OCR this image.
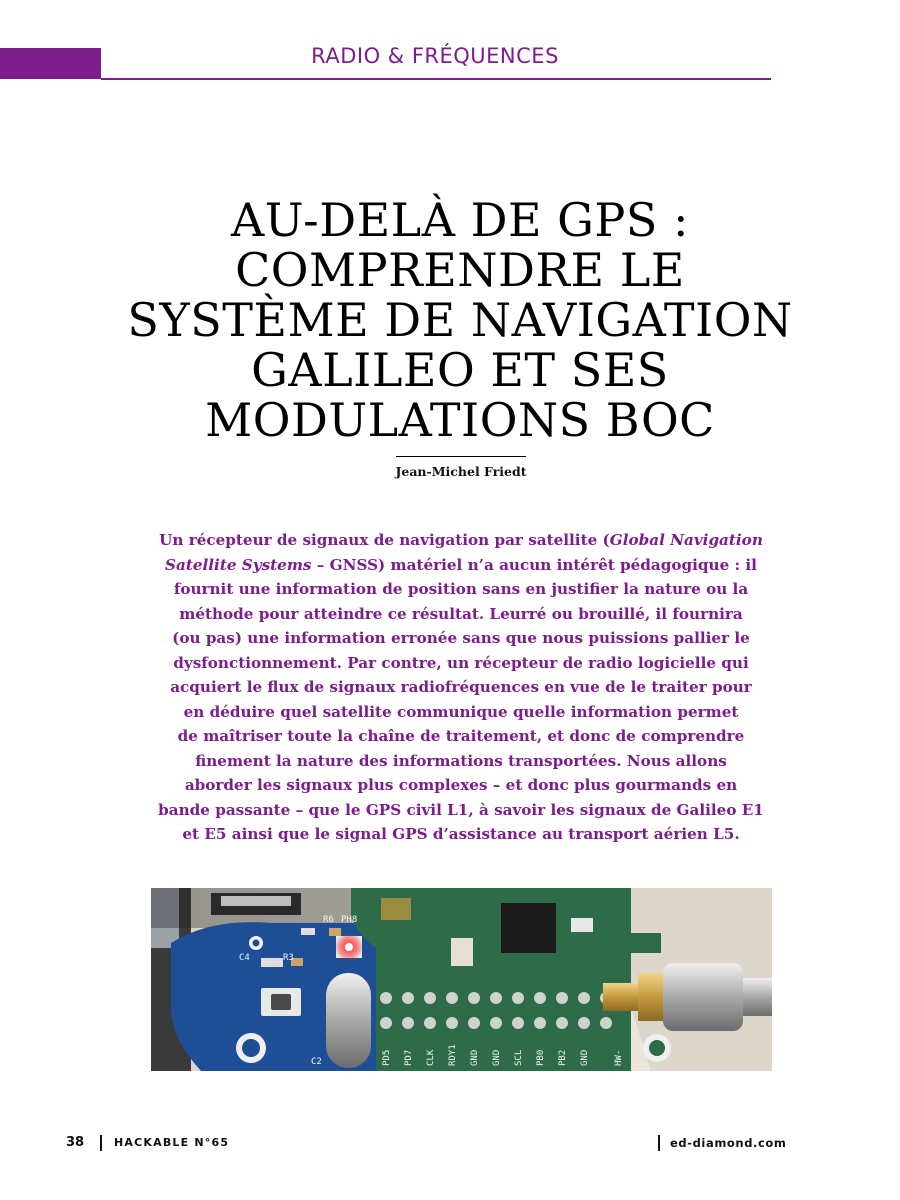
RADIO & FRÉQUENCES
AU-DELÀ DE GPS :
COMPRENDRE LE
SYSTÈME DE NAVIGATION
GALILEO ET SES
MODULATIONS BOC
Jean-Michel Friedt
Un récepteur de signaux de navigation par satellite (Global Navigation
Satellite Systems – GNSS) matériel n’a aucun intérêt pédagogique : il
fournit une information de position sans en justifier la nature ou la
méthode pour atteindre ce résultat. Leurré ou brouillé, il fournira
(ou pas) une information erronée sans que nous puissions pallier le
dysfonctionnement. Par contre, un récepteur de radio logicielle qui
acquiert le flux de signaux radiofréquences en vue de le traiter pour
en déduire quel satellite communique quelle information permet
de maîtriser toute la chaîne de traitement, et donc de comprendre
finement la nature des informations transportées. Nous allons
aborder les signaux plus complexes – et donc plus gourmands en
bande passante – que le GPS civil L1, à savoir les signaux de Galileo E1
et E5 ainsi que le signal GPS d’assistance au transport aérien L5.
R6 PH8
C4	R3
C2	PD5 PD7 CLK RDY1 GND GND SCL PB0 PB2 GND	HW-
38	HACKABLE N°65	ed-diamond.com
